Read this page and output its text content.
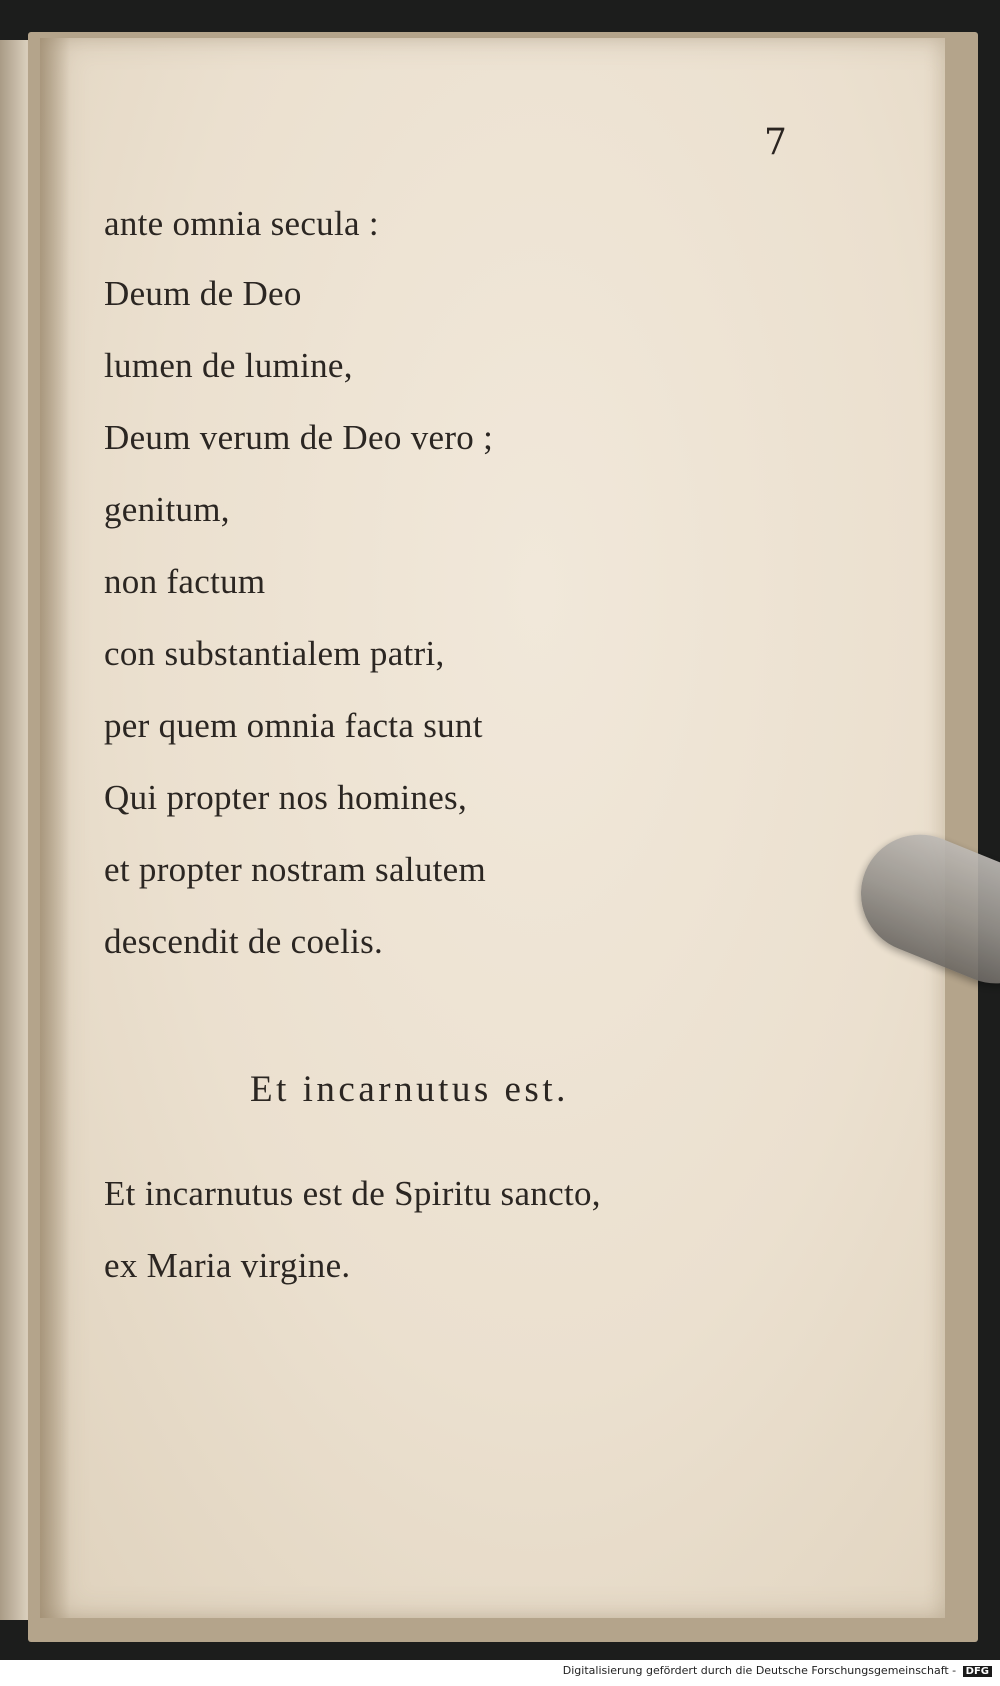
7
ante omnia secula :
Deum de Deo
lumen de lumine,
Deum verum de Deo vero ;
genitum,
non factum
con substantialem patri,
per quem omnia facta sunt
Qui propter nos homines,
et propter nostram salutem
descendit de coelis.
Et incarnutus est.
Et incarnutus est de Spiritu sancto,
ex Maria virgine.
Digitalisierung gefördert durch die Deutsche Forschungsgemeinschaft - DFG
